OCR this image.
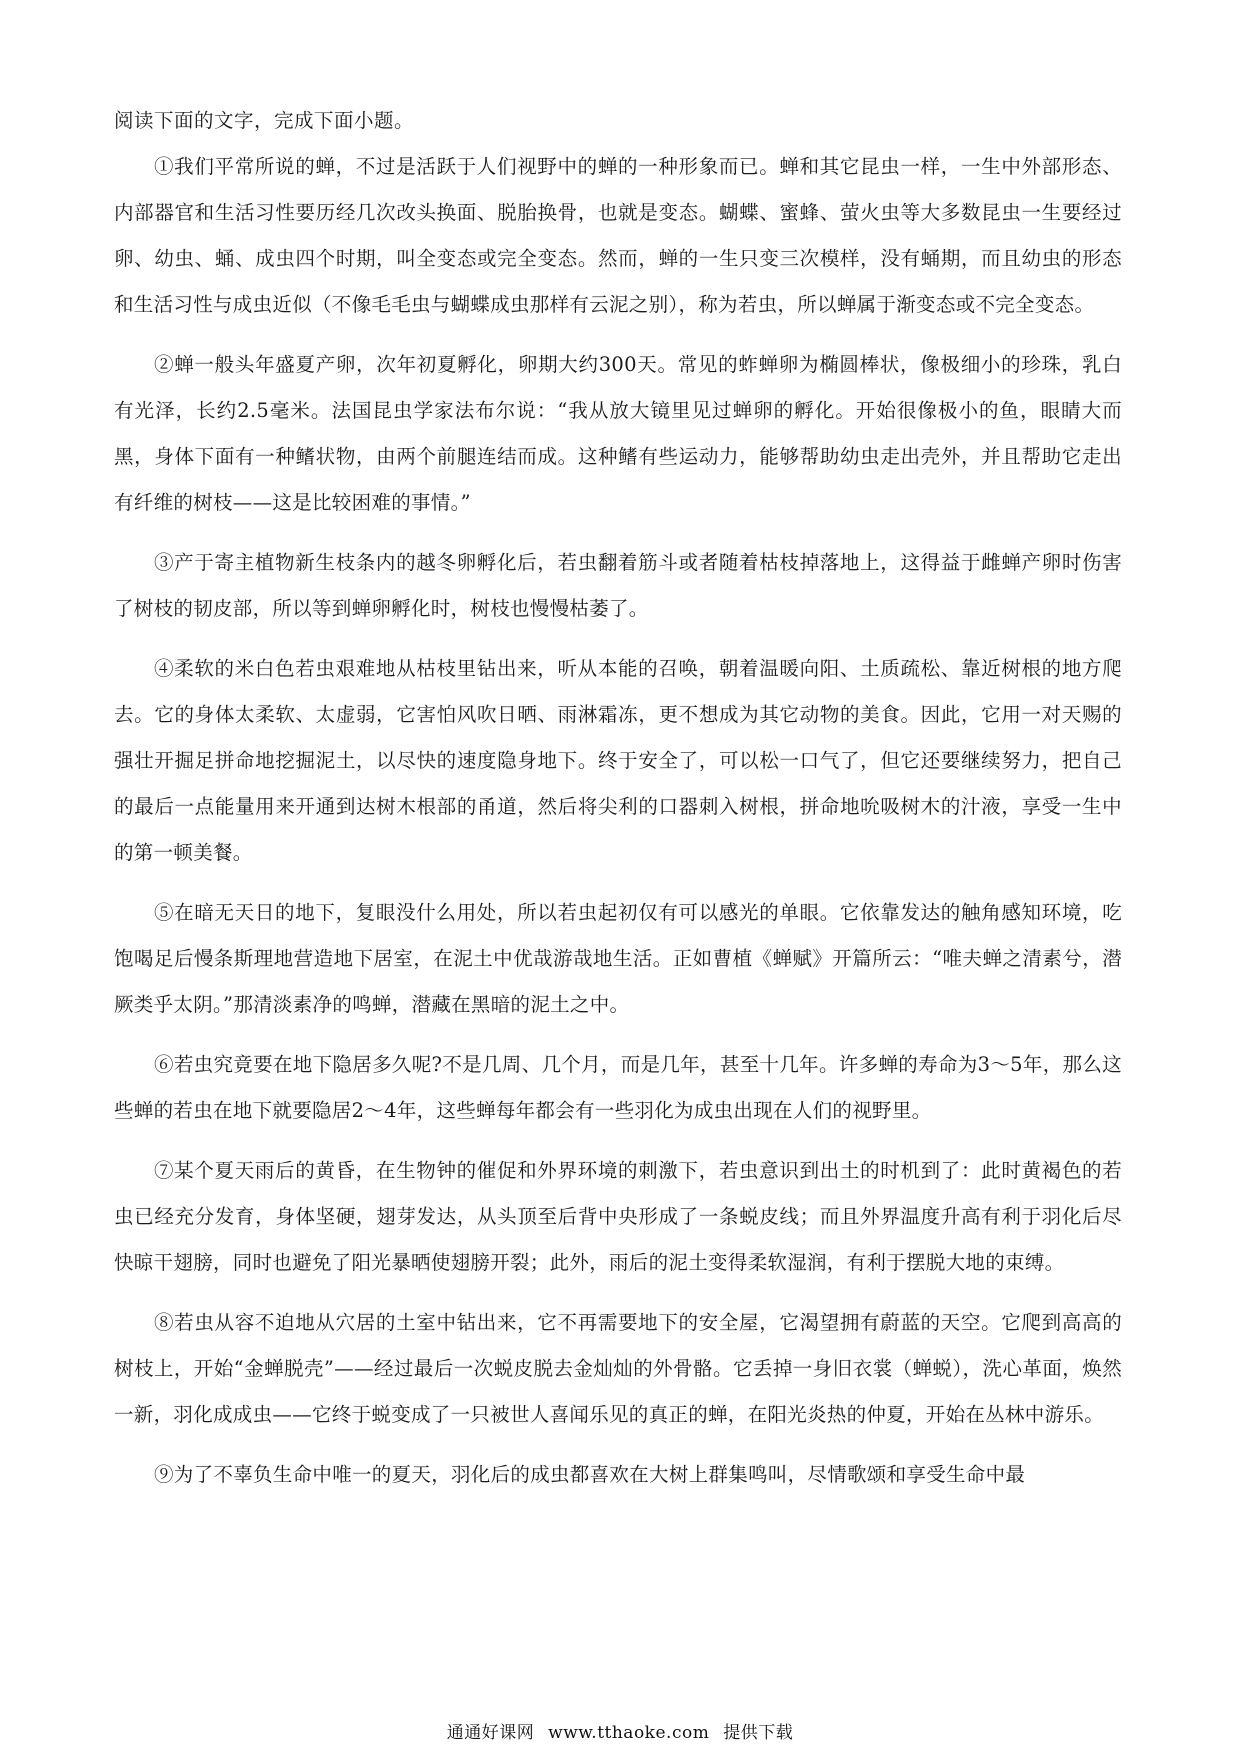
阅读下面的文字，完成下面小题。

①我们平常所说的蝉，不过是活跃于人们视野中的蝉的一种形象而已。蝉和其它昆虫一样，一生中外部形态、内部器官和生活习性要历经几次改头换面、脱胎换骨，也就是变态。蝴蝶、蜜蜂、萤火虫等大多数昆虫一生要经过卵、幼虫、蛹、成虫四个时期，叫全变态或完全变态。然而，蝉的一生只变三次模样，没有蛹期，而且幼虫的形态和生活习性与成虫近似（不像毛毛虫与蝴蝶成虫那样有云泥之别），称为若虫，所以蝉属于渐变态或不完全变态。

②蝉一般头年盛夏产卵，次年初夏孵化，卵期大约300天。常见的蚱蝉卵为椭圆棒状，像极细小的珍珠，乳白有光泽，长约2.5毫米。法国昆虫学家法布尔说：“我从放大镜里见过蝉卵的孵化。开始很像极小的鱼，眼睛大而黑，身体下面有一种鳍状物，由两个前腿连结而成。这种鳍有些运动力，能够帮助幼虫走出壳外，并且帮助它走出有纤维的树枝——这是比较困难的事情。”

③产于寄主植物新生枝条内的越冬卵孵化后，若虫翻着筋斗或者随着枯枝掉落地上，这得益于雌蝉产卵时伤害了树枝的韧皮部，所以等到蝉卵孵化时，树枝也慢慢枯萎了。

④柔软的米白色若虫艰难地从枯枝里钻出来，听从本能的召唤，朝着温暖向阳、土质疏松、靠近树根的地方爬去。它的身体太柔软、太虚弱，它害怕风吹日晒、雨淋霜冻，更不想成为其它动物的美食。因此，它用一对天赐的强壮开掘足拼命地挖掘泥土，以尽快的速度隐身地下。终于安全了，可以松一口气了，但它还要继续努力，把自己的最后一点能量用来开通到达树木根部的甬道，然后将尖利的口器刺入树根，拼命地吮吸树木的汁液，享受一生中的第一顿美餐。

⑤在暗无天日的地下，复眼没什么用处，所以若虫起初仅有可以感光的单眼。它依靠发达的触角感知环境，吃饱喝足后慢条斯理地营造地下居室，在泥土中优哉游哉地生活。正如曹植《蝉赋》开篇所云：“唯夫蝉之清素兮，潜厥类乎太阴。”那清淡素净的鸣蝉，潜藏在黑暗的泥土之中。

⑥若虫究竟要在地下隐居多久呢?不是几周、几个月，而是几年，甚至十几年。许多蝉的寿命为3～5年，那么这些蝉的若虫在地下就要隐居2～4年，这些蝉每年都会有一些羽化为成虫出现在人们的视野里。

⑦某个夏天雨后的黄昏，在生物钟的催促和外界环境的刺激下，若虫意识到出土的时机到了：此时黄褐色的若虫已经充分发育，身体坚硬，翅芽发达，从头顶至后背中央形成了一条蜕皮线；而且外界温度升高有利于羽化后尽快晾干翅膀，同时也避免了阳光暴晒使翅膀开裂；此外，雨后的泥土变得柔软湿润，有利于摆脱大地的束缚。

⑧若虫从容不迫地从穴居的土室中钻出来，它不再需要地下的安全屋，它渴望拥有蔚蓝的天空。它爬到高高的树枝上，开始“金蝉脱壳”——经过最后一次蜕皮脱去金灿灿的外骨骼。它丢掉一身旧衣裳（蝉蜕），洗心革面，焕然一新，羽化成成虫——它终于蜕变成了一只被世人喜闻乐见的真正的蝉，在阳光炎热的仲夏，开始在丛林中游乐。

⑨为了不辜负生命中唯一的夏天，羽化后的成虫都喜欢在大树上群集鸣叫，尽情歌颂和享受生命中最

通通好课网 www.tthaoke.com 提供下载
